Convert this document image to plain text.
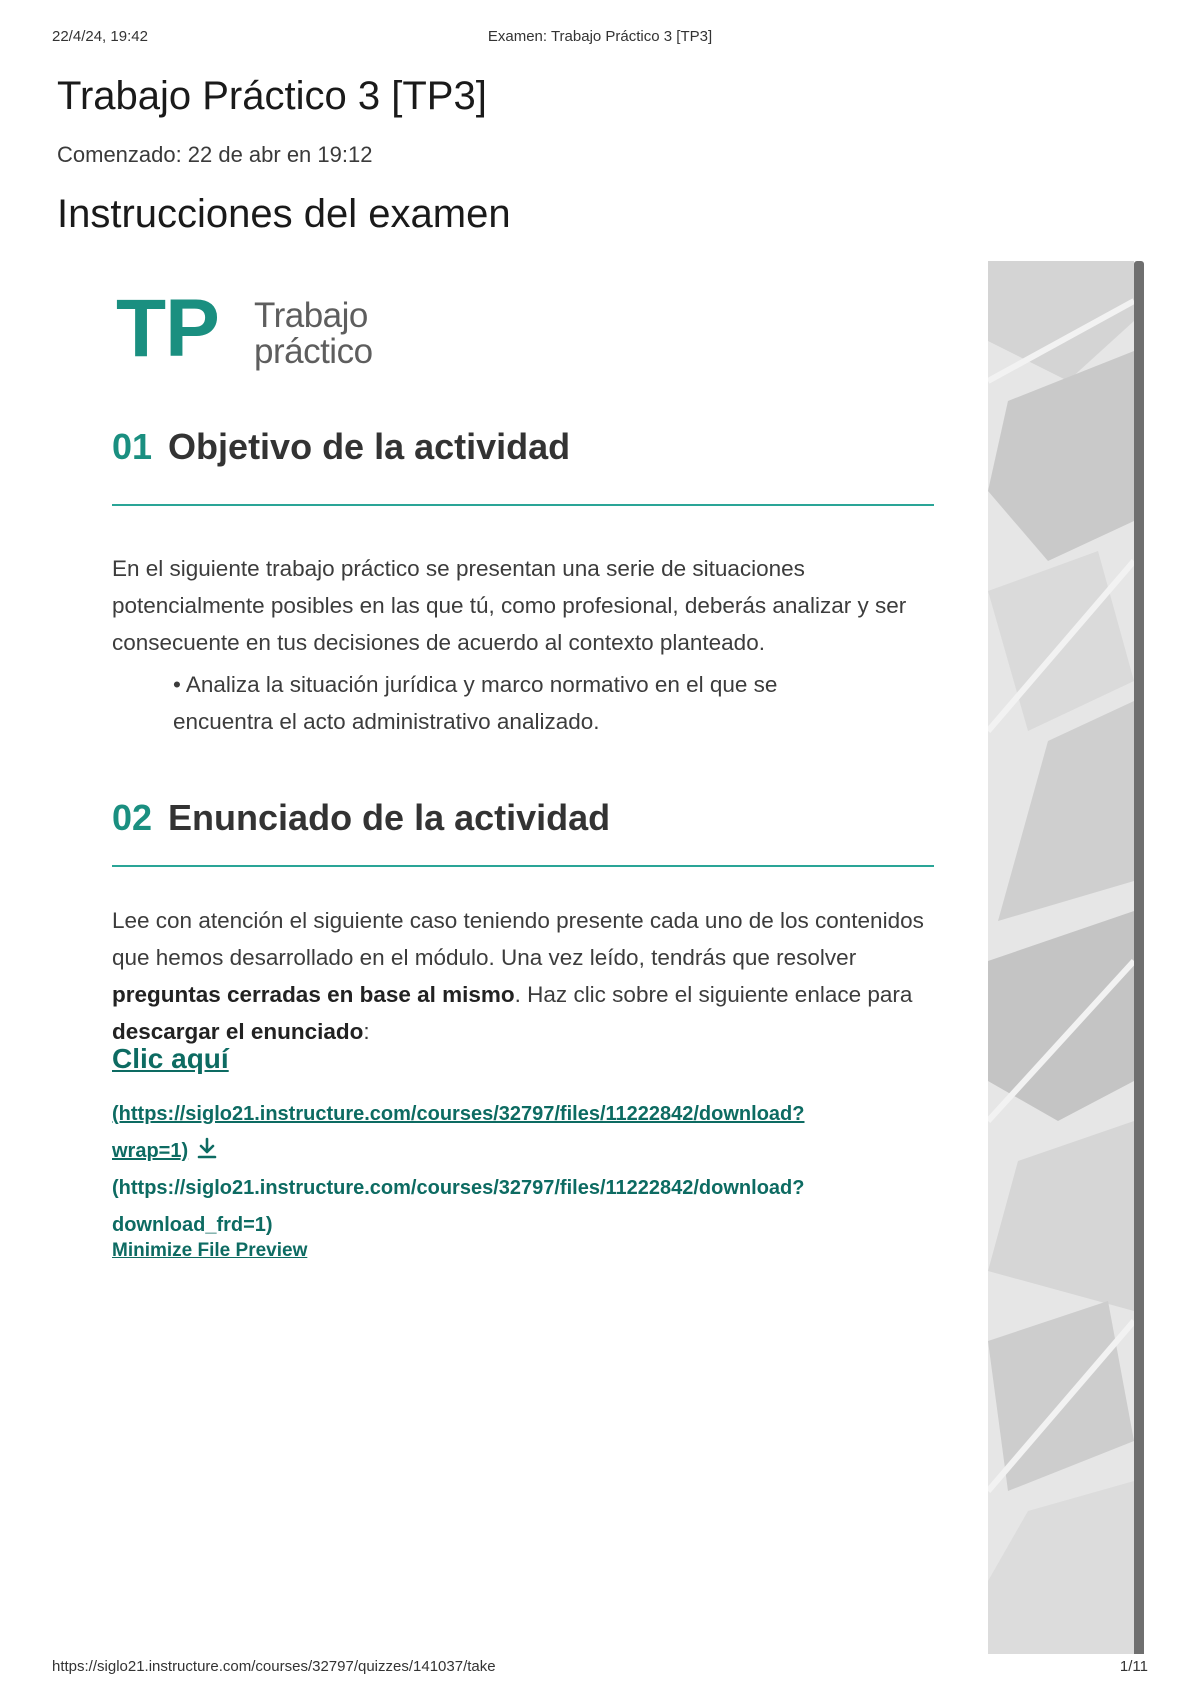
22/4/24, 19:42	Examen: Trabajo Práctico 3 [TP3]
Trabajo Práctico 3 [TP3]
Comenzado: 22 de abr en 19:12
Instrucciones del examen
TP Trabajo
práctico
01 Objetivo de la actividad

En el siguiente trabajo práctico se presentan una serie de situaciones potencialmente posibles en las que tú, como profesional, deberás analizar y ser consecuente en tus decisiones de acuerdo al contexto planteado.

• Analiza la situación jurídica y marco normativo en el que se encuentra el acto administrativo analizado.

02 Enunciado de la actividad

Lee con atención el siguiente caso teniendo presente cada uno de los contenidos que hemos desarrollado en el módulo. Una vez leído, tendrás que resolver preguntas cerradas en base al mismo. Haz clic sobre el siguiente enlace para descargar el enunciado:

Clic aquí

(https://siglo21.instructure.com/courses/32797/files/11222842/download?
wrap=1)
(https://siglo21.instructure.com/courses/32797/files/11222842/download?
download_frd=1)

Minimize File Preview
https://siglo21.instructure.com/courses/32797/quizzes/141037/take	1/11
